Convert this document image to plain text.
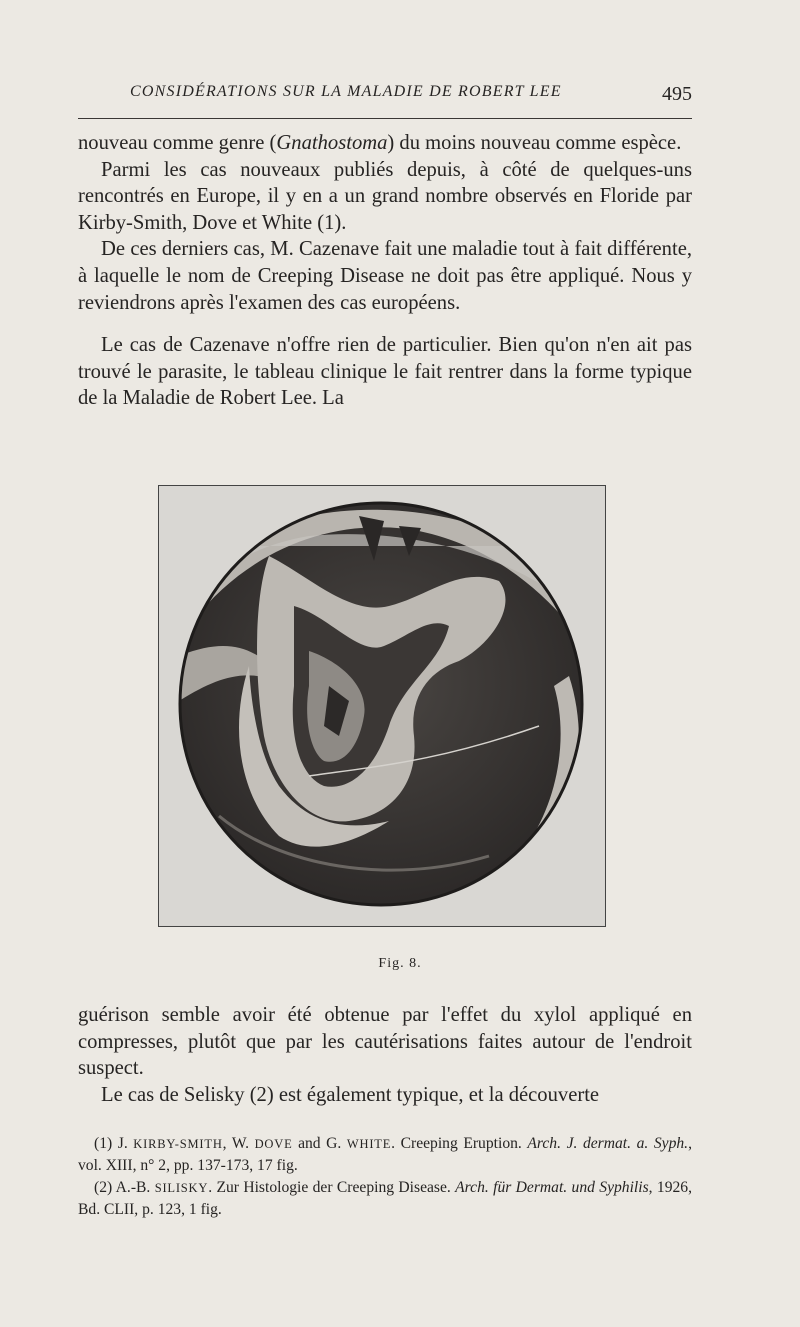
CONSIDÉRATIONS SUR LA MALADIE DE ROBERT LEE	495

nouveau comme genre (Gnathostoma) du moins nouveau comme espèce.

Parmi les cas nouveaux publiés depuis, à côté de quelques-uns rencontrés en Europe, il y en a un grand nombre observés en Floride par Kirby-Smith, Dove et White (1).

De ces derniers cas, M. Cazenave fait une maladie tout à fait différente, à laquelle le nom de Creeping Disease ne doit pas être appliqué. Nous y reviendrons après l'examen des cas européens.

Le cas de Cazenave n'offre rien de particulier. Bien qu'on n'en ait pas trouvé le parasite, le tableau clinique le fait rentrer dans la forme typique de la Maladie de Robert Lee. La

Fig. 8.

guérison semble avoir été obtenue par l'effet du xylol appliqué en compresses, plutôt que par les cautérisations faites autour de l'endroit suspect.

Le cas de Selisky (2) est également typique, et la découverte

(1) J. KIRBY-SMITH, W. DOVE and G. WHITE. Creeping Eruption. Arch. J. dermat. a. Syph., vol. XIII, n° 2, pp. 137-173, 17 fig.

(2) A.-B. SILISKY. Zur Histologie der Creeping Disease. Arch. für Dermat. und Syphilis, 1926, Bd. CLII, p. 123, 1 fig.
